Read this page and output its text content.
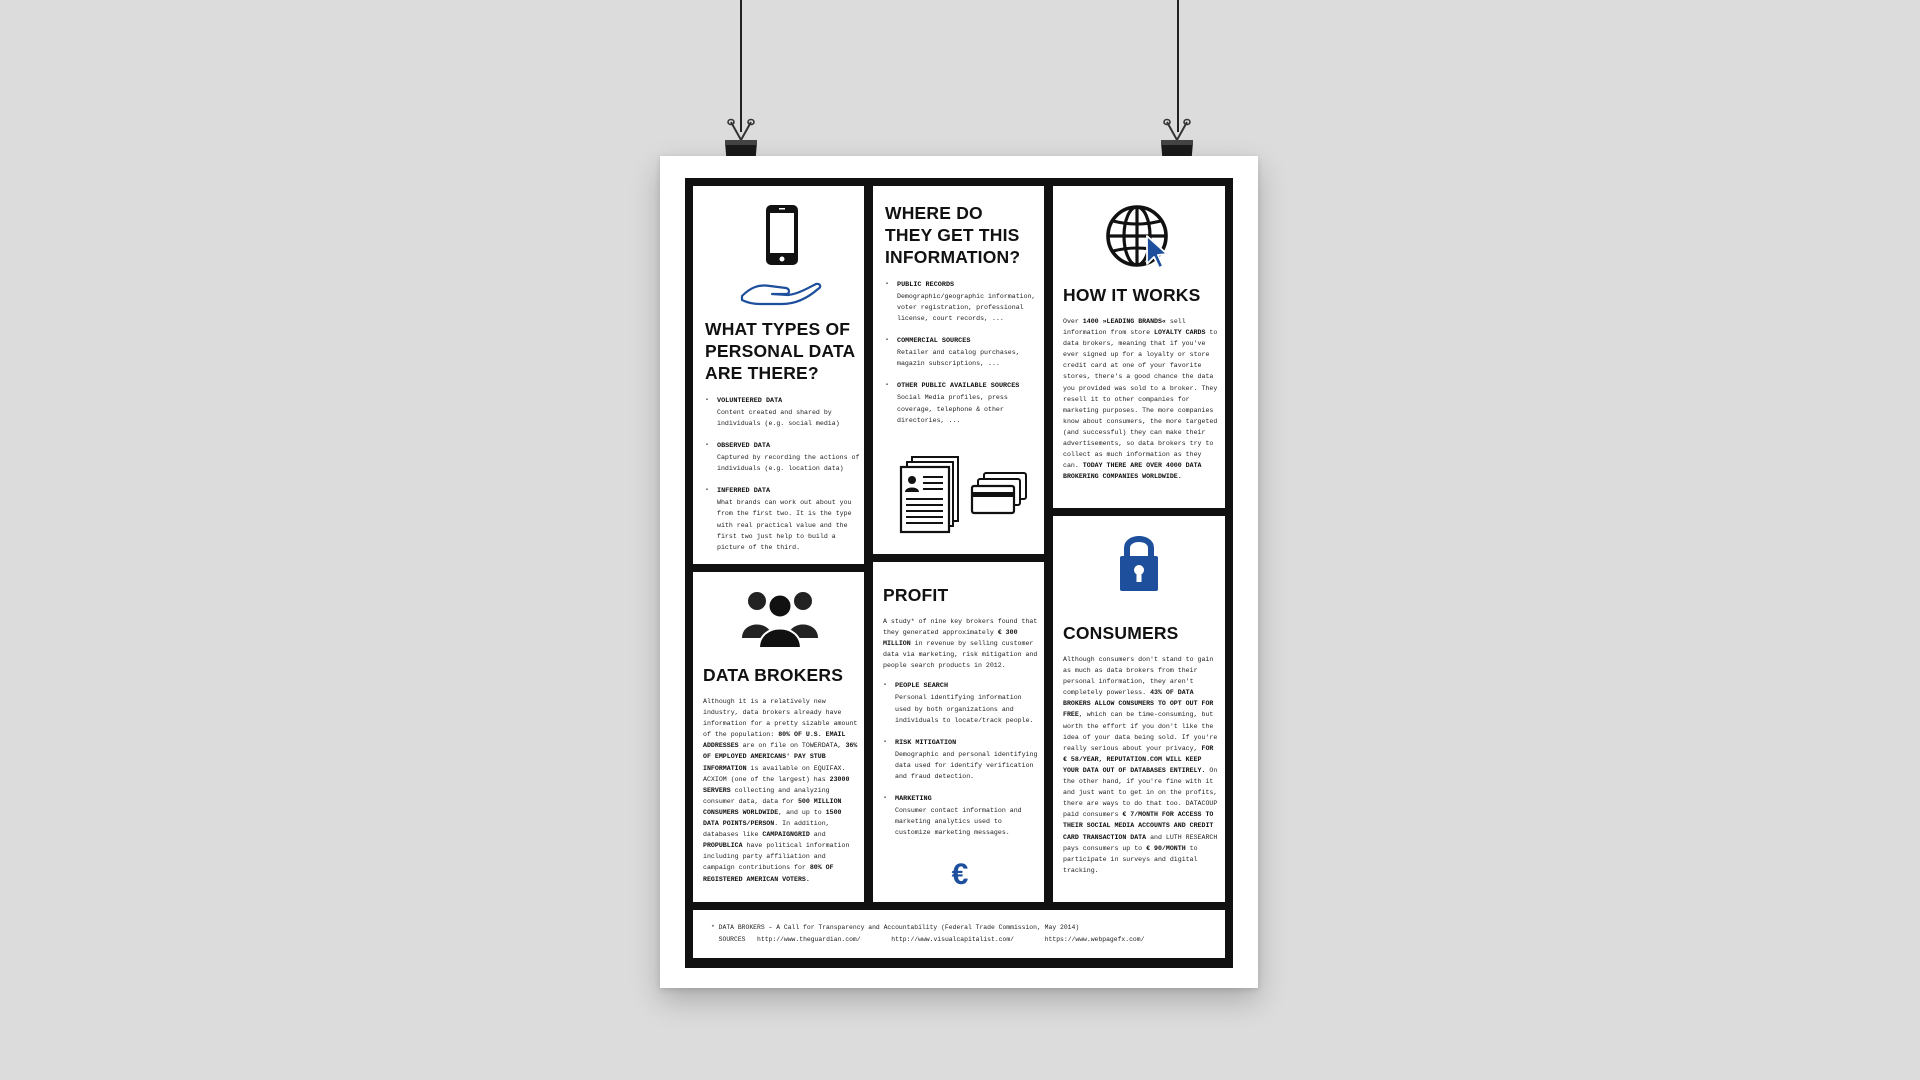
WHAT TYPES OF
PERSONAL DATA
ARE THERE?
-	VOLUNTEERED DATA
Content created and shared by individuals (e.g. social media)
-	OBSERVED DATA
Captured by recording the actions of individuals (e.g. location data)
-	INFERRED DATA
What brands can work out about you from the first two. It is the type with real practical value and the first two just help to build a picture of the third.
WHERE DO
THEY GET THIS
INFORMATION?
-	PUBLIC RECORDS
Demographic/geographic information, voter registration, professional license, court records, ...
-	COMMERCIAL SOURCES
Retailer and catalog purchases, magazin subscriptions, ...
-	OTHER PUBLIC AVAILABLE SOURCES
Social Media profiles, press coverage, telephone & other directories, ...
HOW IT WORKS
Over 1400 »LEADING BRANDS« sell information from store LOYALTY CARDS to data brokers, meaning that if you've ever signed up for a loyalty or store credit card at one of your favorite stores, there's a good chance the data you provided was sold to a broker. They resell it to other companies for marketing purposes. The more companies know about consumers, the more targeted (and successful) they can make their advertisements, so data brokers try to collect as much information as they can. TODAY THERE ARE OVER 4000 DATA BROKERING COMPANIES WORLDWIDE.
DATA BROKERS
Although it is a relatively new industry, data brokers already have information for a pretty sizable amount of the population: 80% OF U.S. EMAIL ADDRESSES are on file on TOWERDATA, 36% OF EMPLOYED AMERICANS' PAY STUB INFORMATION is available on EQUIFAX. ACXIOM (one of the largest) has 23000 SERVERS collecting and analyzing consumer data, data for 500 MILLION CONSUMERS WORLDWIDE, and up to 1500 DATA POINTS/PERSON. In addition, databases like CAMPAIGNGRID and PROPUBLICA have political information including party affiliation and campaign contributions for 80% OF REGISTERED AMERICAN VOTERS.
PROFIT
A study* of nine key brokers found that they generated approximately € 300 MILLION in revenue by selling customer data via marketing, risk mitigation and people search products in 2012.
-	PEOPLE SEARCH
Personal identifying information used by both organizations and individuals to locate/track people.
-	RISK MITIGATION
Demographic and personal identifying data used for identify verification and fraud detection.
-	MARKETING
Consumer contact information and marketing analytics used to customize marketing messages.
€
CONSUMERS
Although consumers don't stand to gain as much as data brokers from their personal information, they aren't completely powerless. 43% OF DATA BROKERS ALLOW CONSUMERS TO OPT OUT FOR FREE, which can be time-consuming, but worth the effort if you don't like the idea of your data being sold. If you're really serious about your privacy, FOR € 58/YEAR, REPUTATION.COM WILL KEEP YOUR DATA OUT OF DATABASES ENTIRELY. On the other hand, if you're fine with it and just want to get in on the profits, there are ways to do that too. DATACOUP paid consumers € 7/MONTH FOR ACCESS TO THEIR SOCIAL MEDIA ACCOUNTS AND CREDIT CARD TRANSACTION DATA and LUTH RESEARCH pays consumers up to € 90/MONTH to participate in surveys and digital tracking.
* DATA BROKERS – A Call for Transparency and Accountability (Federal Trade Commission, May 2014)
SOURCES http://www.theguardian.com/	http://www.visualcapitalist.com/	https://www.webpagefx.com/
